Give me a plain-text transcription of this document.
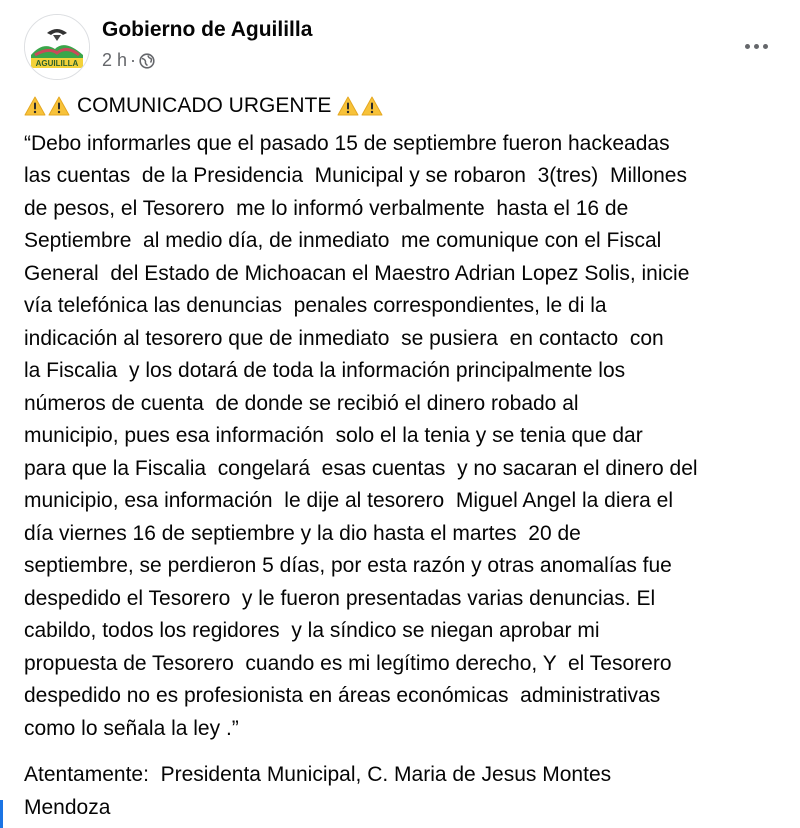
AGUILILLA
Gobierno de Aguililla
2 h ·

COMUNICADO URGENTE

“Debo informarles que el pasado 15 de septiembre fueron hackeadas
las cuentas  de la Presidencia  Municipal y se robaron  3(tres)  Millones
de pesos, el Tesorero  me lo informó verbalmente  hasta el 16 de
Septiembre  al medio día, de inmediato  me comunique con el Fiscal
General  del Estado de Michoacan el Maestro Adrian Lopez Solis, inicie
vía telefónica las denuncias  penales correspondientes, le di la
indicación al tesorero que de inmediato  se pusiera  en contacto  con
la Fiscalia  y los dotará de toda la información principalmente los
números de cuenta  de donde se recibió el dinero robado al
municipio, pues esa información  solo el la tenia y se tenia que dar
para que la Fiscalia  congelará  esas cuentas  y no sacaran el dinero del
municipio, esa información  le dije al tesorero  Miguel Angel la diera el
día viernes 16 de septiembre y la dio hasta el martes  20 de
septiembre, se perdieron 5 días, por esta razón y otras anomalías fue
despedido el Tesorero  y le fueron presentadas varias denuncias. El
cabildo, todos los regidores  y la síndico se niegan aprobar mi
propuesta de Tesorero  cuando es mi legítimo derecho, Y  el Tesorero
despedido no es profesionista en áreas económicas  administrativas
como lo señala la ley .”

Atentamente:  Presidenta Municipal, C. Maria de Jesus Montes
Mendoza
